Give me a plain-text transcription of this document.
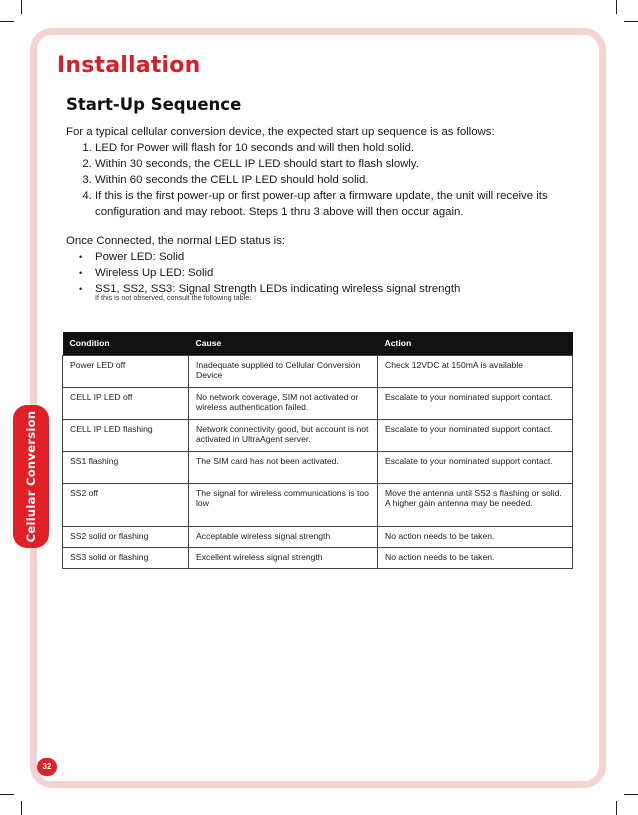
Installation
Start-Up Sequence

For a typical cellular conversion device, the expected start up sequence is as follows:

1. LED for Power will flash for 10 seconds and will then hold solid.
2. Within 30 seconds, the CELL IP LED should start to flash slowly.
3. Within 60 seconds the CELL IP LED should hold solid.
4. If this is the first power-up or first power-up after a firmware update, the unit will receive its configuration and may reboot. Steps 1 thru 3 above will then occur again.

Once Connected, the normal LED status is:

• Power LED: Solid
• Wireless Up LED: Solid
• SS1, SS2, SS3: Signal Strength LEDs indicating wireless signal strength

If this is not observed, consult the following table:

Condition	Cause	Action
Power LED off	Inadequate supplied to Cellular Conversion Device	Check 12VDC at 150mA is available
CELL IP LED off	No network coverage, SIM not activated or wireless authentication failed.	Escalate to your nominated support contact.
CELL IP LED flashing	Network connectivity good, but account is not activated in UltraAgent server.	Escalate to your nominated support contact.
SS1 flashing	The SIM card has not been activated.	Escalate to your nominated support contact.
SS2 off	The signal for wireless communications is too low	Move the antenna until SS2 s flashing or solid. A higher gain antenna may be needed.
SS2 solid or flashing	Acceptable wireless signal strength	No action needs to be taken.
SS3 solid or flashing	Excellent wireless signal strength	No action needs to be taken.
Cellular Conversion
32
